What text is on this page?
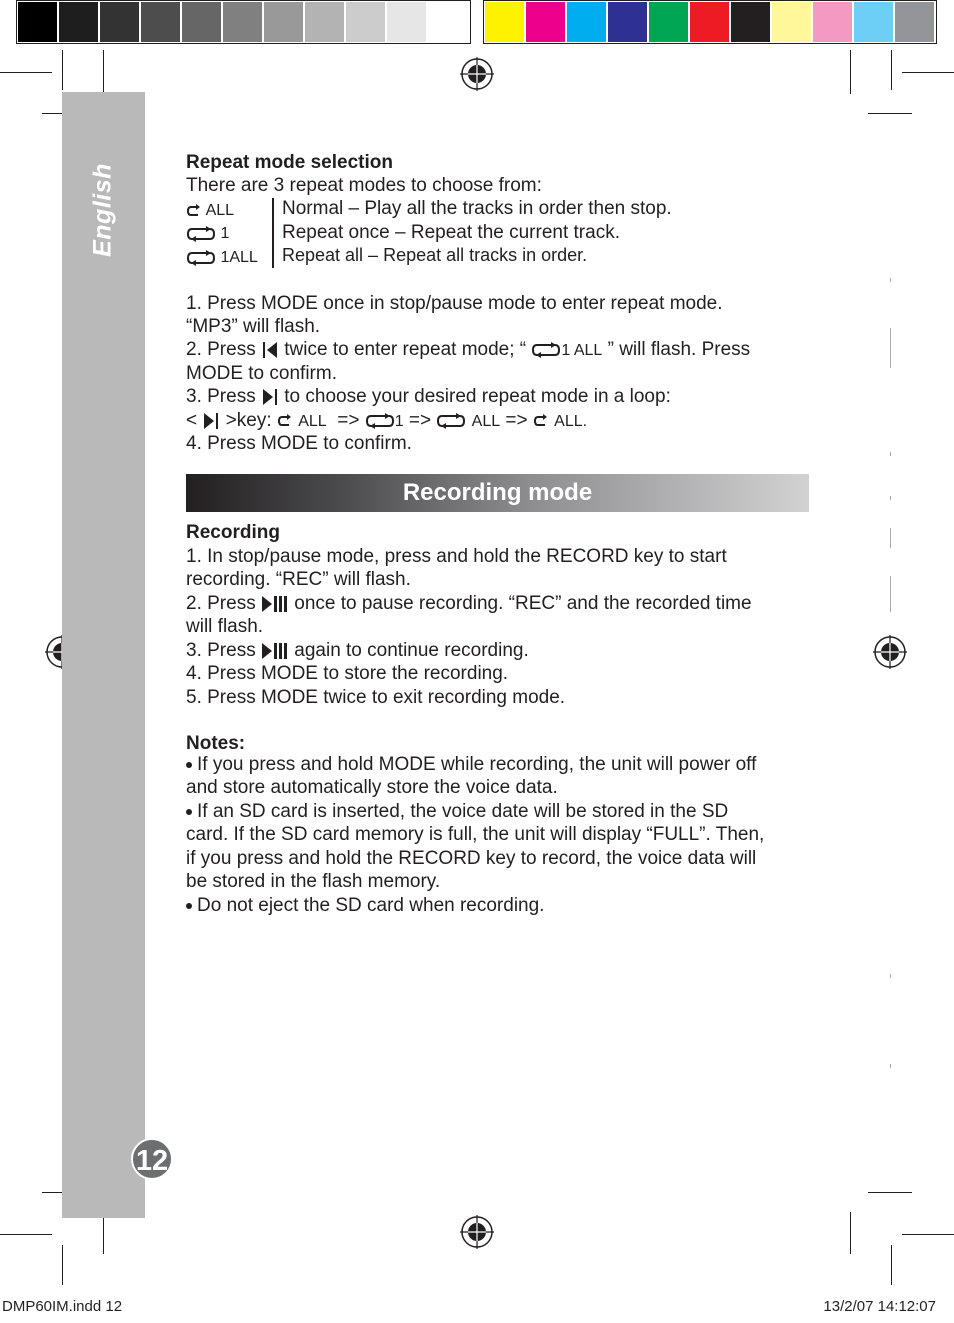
English
12
Repeat mode selection
There are 3 repeat modes to choose from:
ALL	Normal – Play all the tracks in order then stop.
1	Repeat once – Repeat the current track.
1ALL Repeat all – Repeat all tracks in order.
1. Press MODE once in stop/pause mode to enter repeat mode.
“MP3” will flash.
2. Press twice to enter repeat mode; “ 1 ALL ” will flash. Press
MODE to confirm.
3. Press to choose your desired repeat mode in a loop:
< >key: ALL => 1 =>	ALL => ALL.
4. Press MODE to confirm.
Recording mode
Recording
1. In stop/pause mode, press and hold the RECORD key to start
recording. “REC” will flash.
2. Press once to pause recording. “REC” and the recorded time
will flash.
3. Press again to continue recording.
4. Press MODE to store the recording.
5. Press MODE twice to exit recording mode.
Notes:
If you press and hold MODE while recording, the unit will power off
and store automatically store the voice data.
If an SD card is inserted, the voice date will be stored in the SD
card. If the SD card memory is full, the unit will display “FULL”. Then,
if you press and hold the RECORD key to record, the voice data will
be stored in the flash memory.
Do not eject the SD card when recording.
DMP60IM.indd 12	13/2/07 14:12:07
